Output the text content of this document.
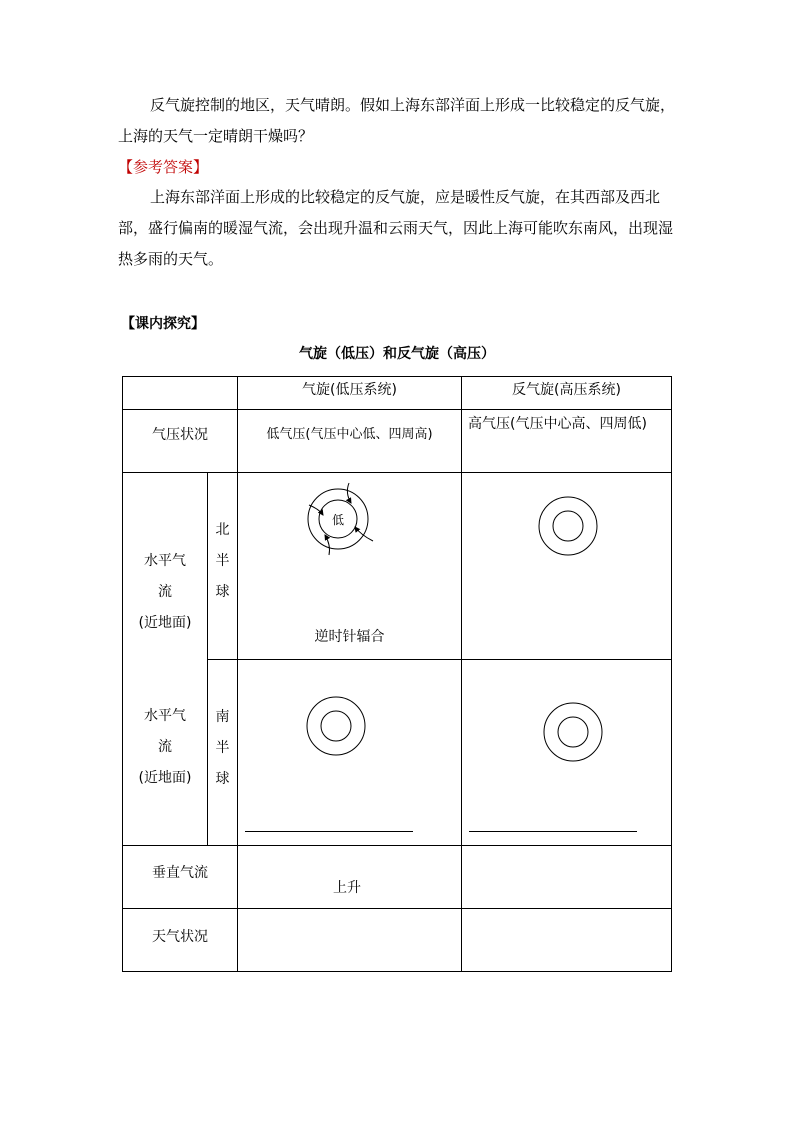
反气旋控制的地区，天气晴朗。假如上海东部洋面上形成一比较稳定的反气旋，上海的天气一定晴朗干燥吗？

【参考答案】

上海东部洋面上形成的比较稳定的反气旋，应是暖性反气旋，在其西部及西北部，盛行偏南的暖湿气流，会出现升温和云雨天气，因此上海可能吹东南风，出现湿热多雨的天气。

【课内探究】
气旋（低压）和反气旋（高压）
气旋(低压系统)	反气旋(高压系统)
气压状况	低气压(气压中心低、四周高)
高气压(气压中心高、四周低)
水平气
流
(近地面)
水平气
流
(近地面)
北
半
球
南
半
球
低
逆时针辐合
垂直气流
上升
天气状况
